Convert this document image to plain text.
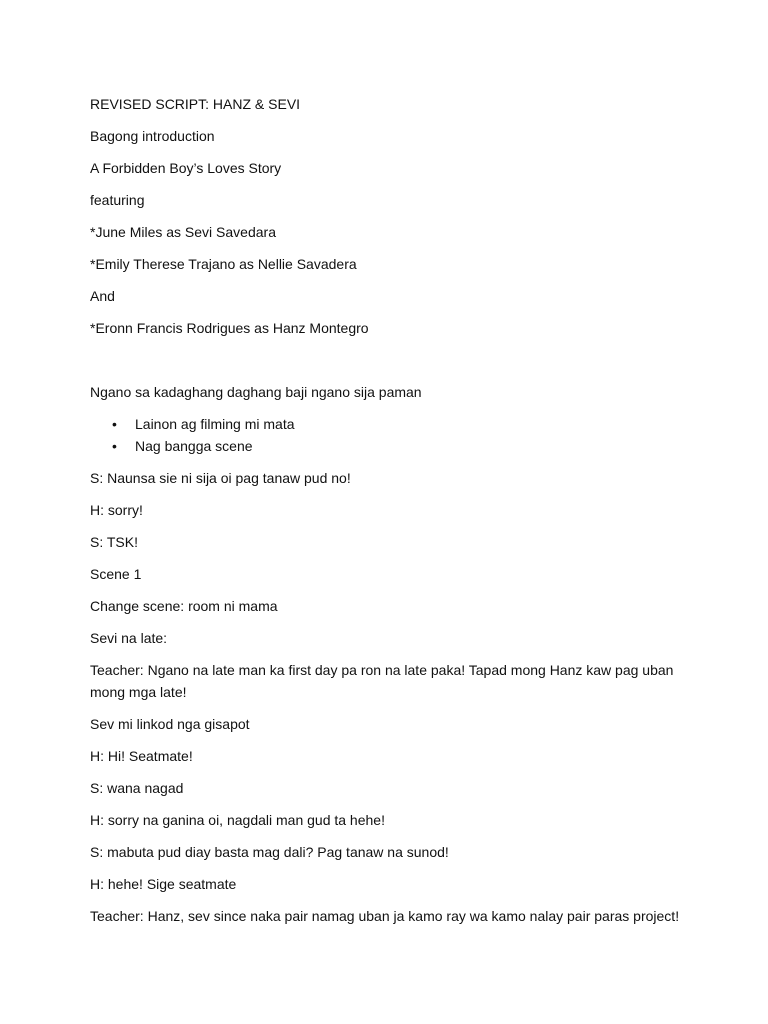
REVISED SCRIPT: HANZ & SEVI

Bagong introduction

A Forbidden Boy’s Loves Story

featuring

*June Miles as Sevi Savedara

*Emily Therese Trajano as Nellie Savadera

And

*Eronn Francis Rodrigues as Hanz Montegro

Ngano sa kadaghang daghang baji ngano sija paman

• Lainon ag filming mi mata
• Nag bangga scene

S: Naunsa sie ni sija oi pag tanaw pud no!

H: sorry!

S: TSK!

Scene 1

Change scene: room ni mama

Sevi na late:

Teacher: Ngano na late man ka first day pa ron na late paka! Tapad mong Hanz kaw pag uban mong mga late!

Sev mi linkod nga gisapot

H: Hi! Seatmate!

S: wana nagad

H: sorry na ganina oi, nagdali man gud ta hehe!

S: mabuta pud diay basta mag dali? Pag tanaw na sunod!

H: hehe! Sige seatmate

Teacher: Hanz, sev since naka pair namag uban ja kamo ray wa kamo nalay pair paras project!
